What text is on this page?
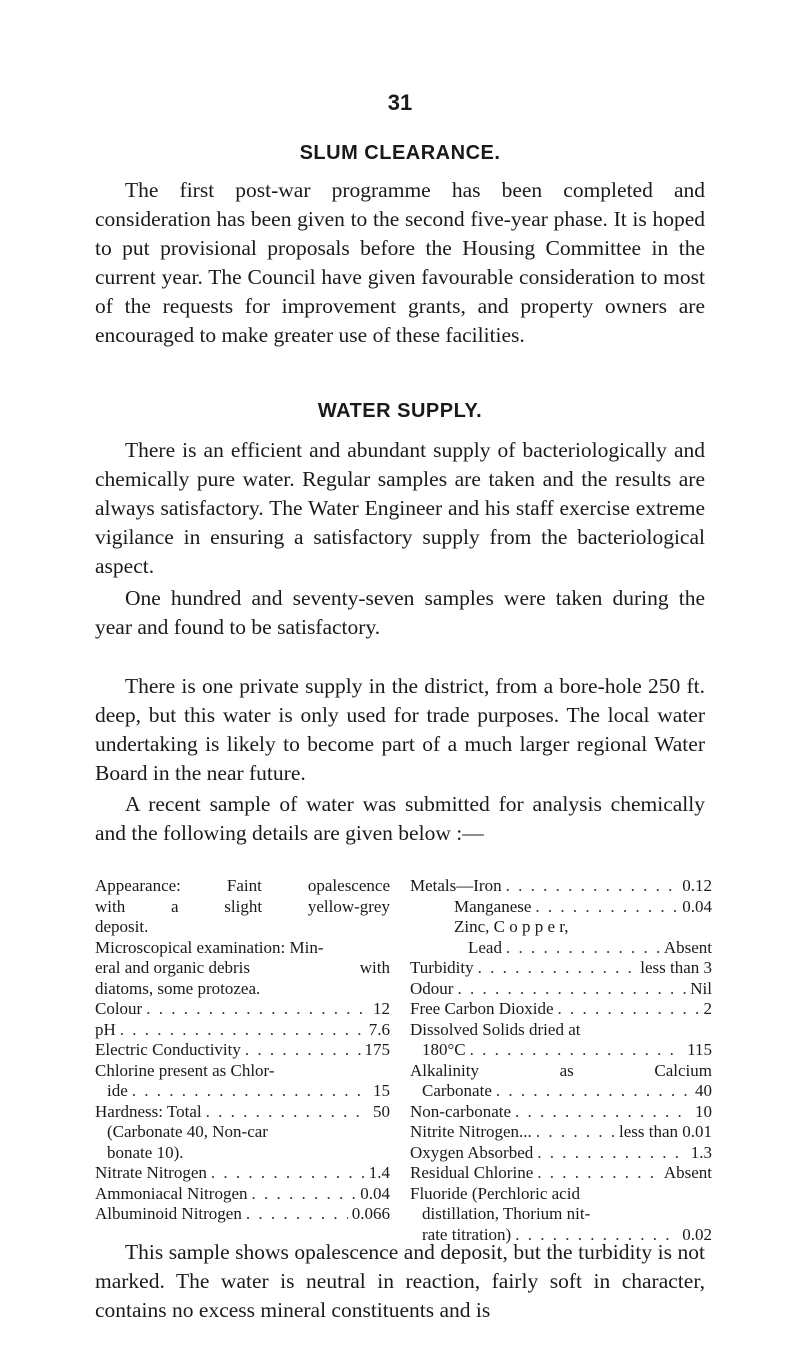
31
SLUM CLEARANCE.
The first post-war programme has been completed and consideration has been given to the second five-year phase. It is hoped to put provisional proposals before the Housing Committee in the current year. The Council have given favourable consideration to most of the requests for improvement grants, and property owners are encouraged to make greater use of these facilities.
WATER SUPPLY.
There is an efficient and abundant supply of bacteriologically and chemically pure water. Regular samples are taken and the results are always satisfactory. The Water Engineer and his staff exercise extreme vigilance in ensuring a satisfactory supply from the bacteriological aspect.
One hundred and seventy-seven samples were taken during the year and found to be satisfactory.
There is one private supply in the district, from a bore-hole 250 ft. deep, but this water is only used for trade purposes. The local water undertaking is likely to become part of a much larger regional Water Board in the near future.
A recent sample of water was submitted for analysis chemically and the following details are given below :—
Appearance:	Faint	opalescence
with	a	slight	yellow-grey
deposit.
Microscopical examination: Min-
eral and organic debris	with
diatoms, some protozea.
Colour . . .	12
pH . . .	7.6
Electric Conductivity . . .	175
Chlorine present as Chlor-
ide . . .	15
Hardness: Total . . .	50
(Carbonate 40, Non-car
bonate 10).
Nitrate Nitrogen . . .	1.4
Ammoniacal Nitrogen . . .	0.04
Albuminoid Nitrogen . . .	0.066
Metals—Iron . . .	0.12
Manganese . . .	0.04
Zinc, C o p p e r,
Lead . . .	Absent
Turbidity . . .	less than 3
Odour . . .	Nil
Free Carbon Dioxide . . .	2
Dissolved Solids dried at
180°C . . .	115
Alkalinity	as	Calcium
Carbonate . . .	40
Non-carbonate . . .	10
Nitrite Nitrogen... . . .	less than 0.01
Oxygen Absorbed . . .	1.3
Residual Chlorine . . .	Absent
Fluoride (Perchloric acid
distillation, Thorium nit-
rate titration) . . .	0.02
This sample shows opalescence and deposit, but the turbidity is not marked. The water is neutral in reaction, fairly soft in character, contains no excess mineral constituents and is
